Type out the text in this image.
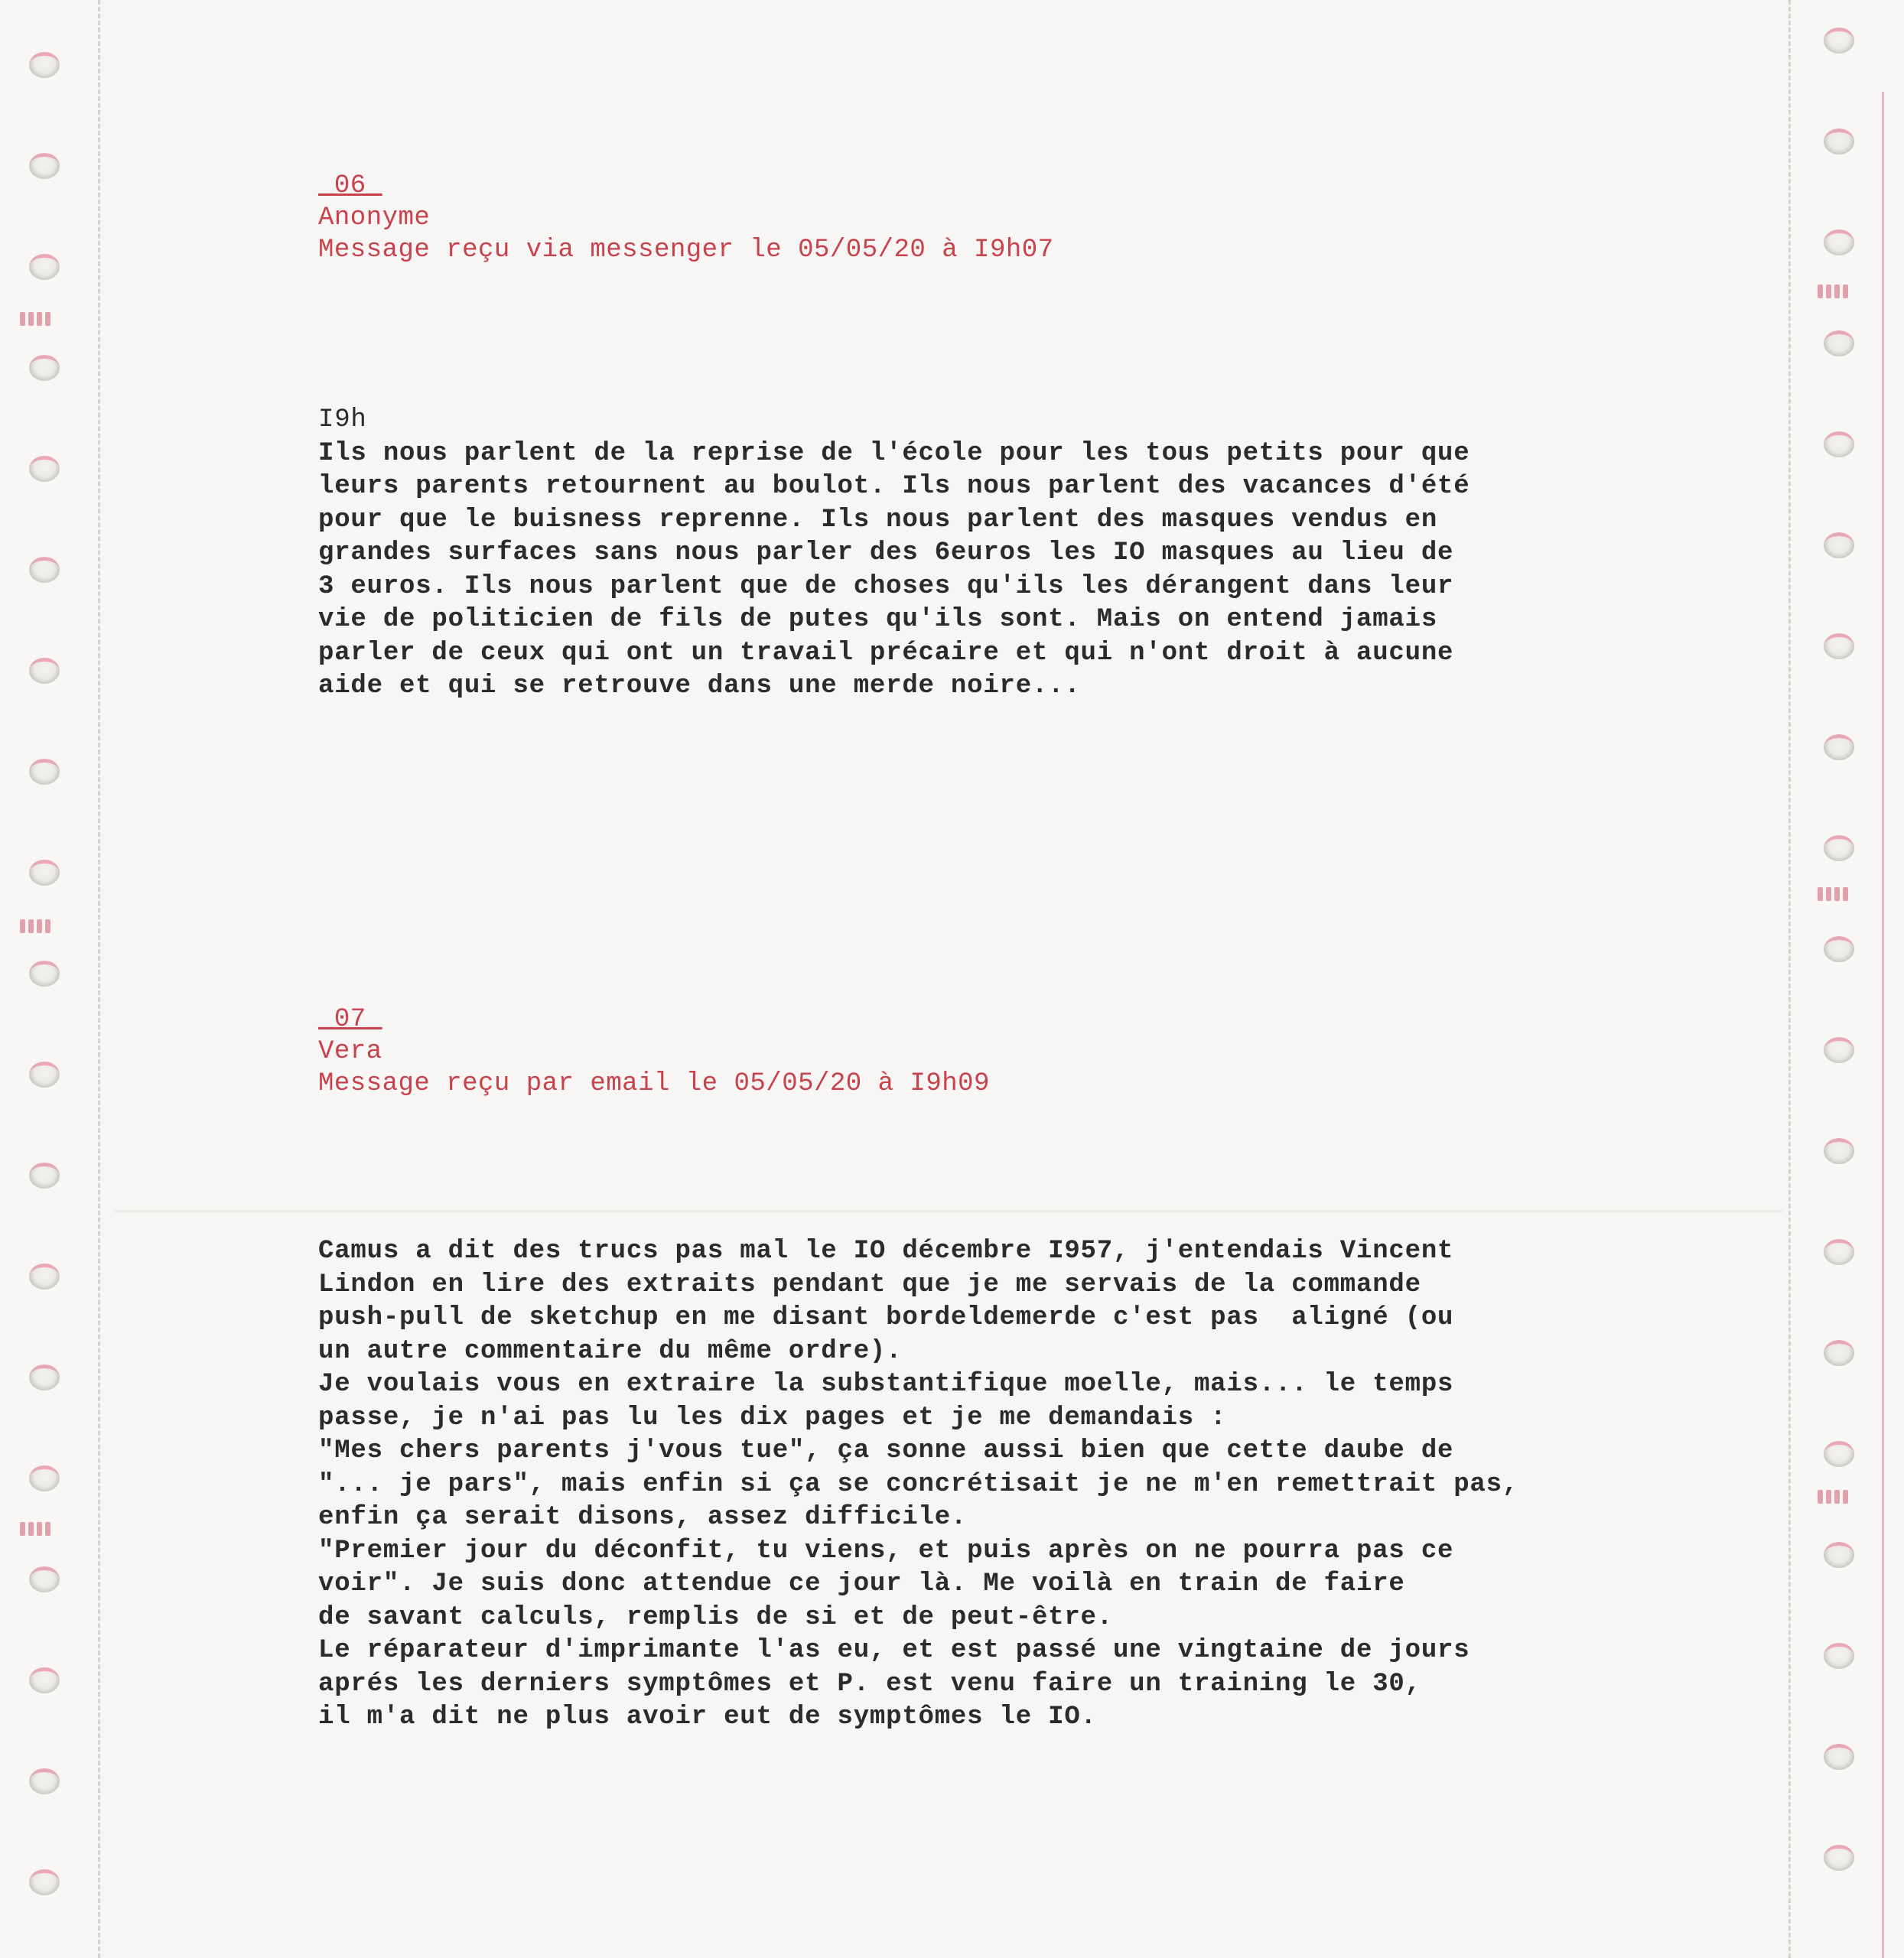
_06_
Anonyme
Message reçu via messenger le 05/05/20 à I9h07
I9h
Ils nous parlent de la reprise de l'école pour les tous petits pour que
leurs parents retournent au boulot. Ils nous parlent des vacances d'été
pour que le buisness reprenne. Ils nous parlent des masques vendus en
grandes surfaces sans nous parler des 6euros les IO masques au lieu de
3 euros. Ils nous parlent que de choses qu'ils les dérangent dans leur
vie de politicien de fils de putes qu'ils sont. Mais on entend jamais
parler de ceux qui ont un travail précaire et qui n'ont droit à aucune
aide et qui se retrouve dans une merde noire...
_07_
Vera
Message reçu par email le 05/05/20 à I9h09
Camus a dit des trucs pas mal le IO décembre I957, j'entendais Vincent
Lindon en lire des extraits pendant que je me servais de la commande
push-pull de sketchup en me disant bordeldemerde c'est pas  aligné (ou
un autre commentaire du même ordre).
Je voulais vous en extraire la substantifique moelle, mais... le temps
passe, je n'ai pas lu les dix pages et je me demandais :
"Mes chers parents j'vous tue", ça sonne aussi bien que cette daube de
"... je pars", mais enfin si ça se concrétisait je ne m'en remettrait pas,
enfin ça serait disons, assez difficile.
"Premier jour du déconfit, tu viens, et puis après on ne pourra pas ce
voir". Je suis donc attendue ce jour là. Me voilà en train de faire
de savant calculs, remplis de si et de peut-être.
Le réparateur d'imprimante l'as eu, et est passé une vingtaine de jours
aprés les derniers symptômes et P. est venu faire un training le 30,
il m'a dit ne plus avoir eut de symptômes le IO.
